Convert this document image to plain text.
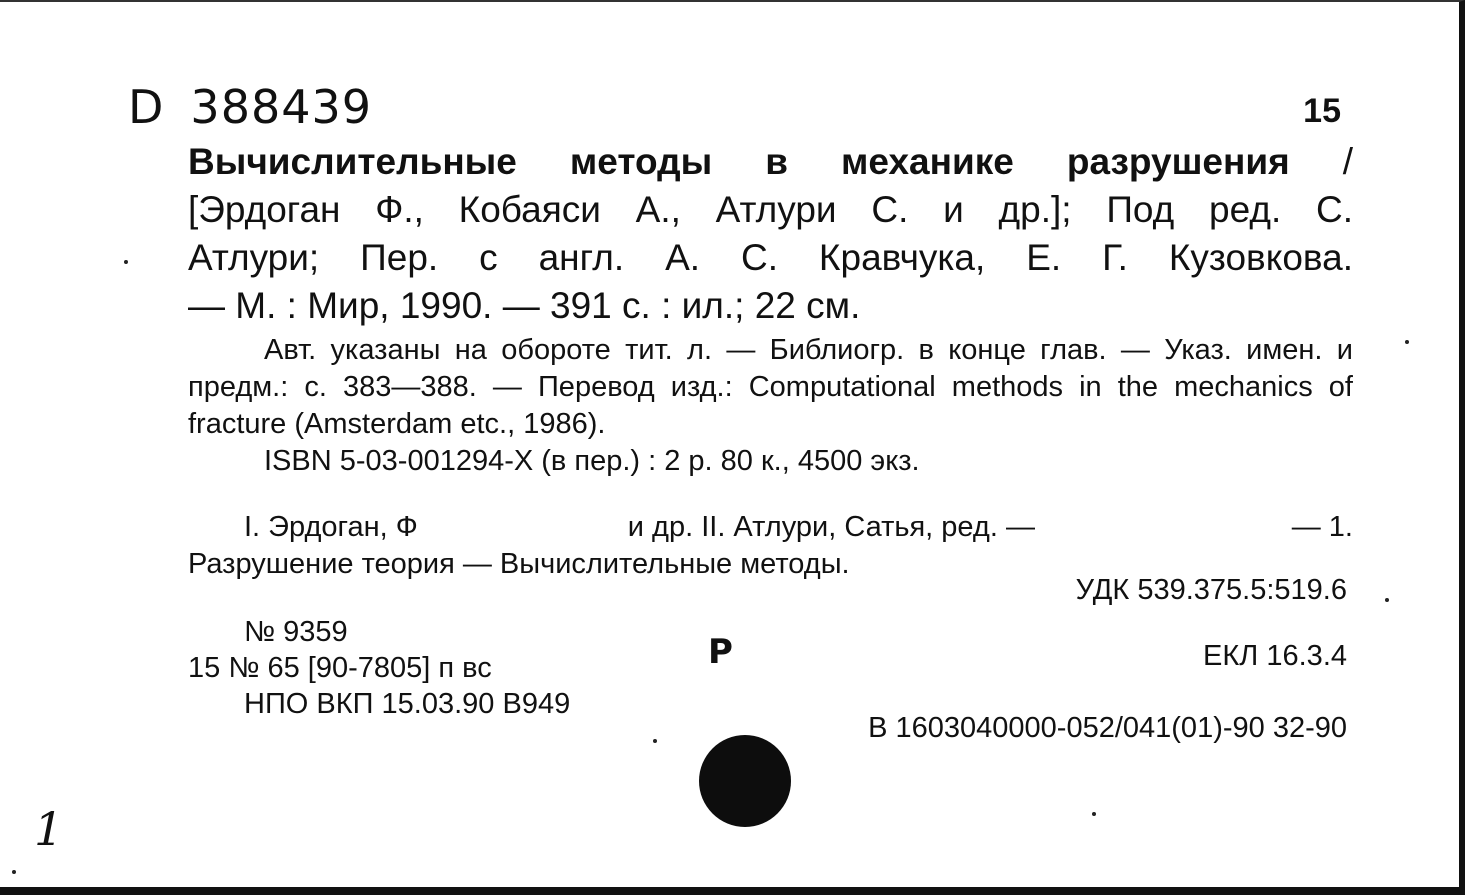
D 388439	15
Вычислительные методы в механике разрушения /
[Эрдоган Ф., Кобаяси А., Атлури С. и др.]; Под ред. С.
Атлури; Пер. с англ. А. С. Кравчука, Е. Г. Кузовкова.
— М. : Мир, 1990. — 391 с. : ил.; 22 см.
Авт. указаны на обороте тит. л. — Библиогр. в конце глав. — Указ. имен. и предм.: с. 383—388. — Перевод изд.: Computational methods in the mechanics of fracture (Amsterdam etc., 1986).
ISBN 5-03-001294-X (в пер.) : 2 р. 80 к., 4500 экз.
I. Эрдоган, Ф	и др. II. Атлури, Сатья, ред. —	— 1.
Разрушение теория — Вычислительные методы.
УДК 539.375.5:519.6
№ 9359
15 № 65 [90-7805] п вс
НПО ВКП 15.03.90 В949
Р	ЕКЛ 16.3.4
В 1603040000-052/041(01)-90 32-90
1
